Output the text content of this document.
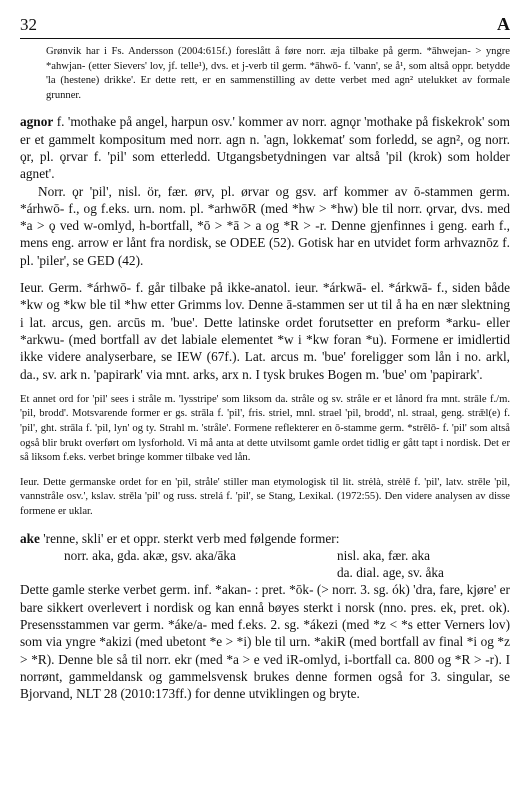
32	A

Grønvik har i Fs. Andersson (2004:615f.) foreslått å føre norr. æja tilbake på germ. *āhwejan- > yngre *ahwjan- (etter Sievers' lov, jf. telle¹), dvs. et j-verb til germ. *āhwō- f. 'vann', se å¹, som altså oppr. betydde 'la (hestene) drikke'. Er dette rett, er en sammenstilling av dette verbet med agn² utelukket av formale grunner.

agnor f. 'mothake på angel, harpun osv.' kommer av norr. agnǫr 'mothake på fiskekrok' som er et gammelt kompositum med norr. agn n. 'agn, lokkemat' som forledd, se agn², og norr. ǫr, pl. ǫrvar f. 'pil' som etterledd. Utgangsbetydningen var altså 'pil (krok) som holder agnet'.

Norr. ǫr 'pil', nisl. ör, fær. ørv, pl. ørvar og gsv. arf kommer av ō-stammen germ. *árhwō- f., og f.eks. urn. nom. pl. *arhwōR (med *hw > *hw) ble til norr. ǫrvar, dvs. med *a > ǫ ved w-omlyd, h-bortfall, *ō > *ā > a og *R > -r. Denne gjenfinnes i geng. earh f., mens eng. arrow er lånt fra nordisk, se ODEE (52). Gotisk har en utvidet form arhvaznōz f. pl. 'piler', se GED (42).

Ieur. Germ. *árhwō- f. går tilbake på ikke-anatol. ieur. *árkwā- el. *árkwā- f., siden både *kw og *kw ble til *hw etter Grimms lov. Denne ā-stammen ser ut til å ha en nær slektning i lat. arcus, gen. arcūs m. 'bue'. Dette latinske ordet forutsetter en preform *arku- eller *arkwu- (med bortfall av det labiale elementet *w i *kw foran *u). Formene er imidlertid ikke videre analyserbare, se IEW (67f.). Lat. arcus m. 'bue' foreligger som lån i no. arkl, da., sv. ark n. 'papirark' via mnt. arks, arx n. I tysk brukes Bogen m. 'bue' om 'papirark'.

Et annet ord for 'pil' sees i stråle m. 'lysstripe' som liksom da. stråle og sv. stråle er et lånord fra mnt. strāle f./m. 'pil, brodd'. Motsvarende former er gs. strāla f. 'pil', fris. striel, mnl. strael 'pil, brodd', nl. straal, geng. strǣl(e) f. 'pil', ght. strāla f. 'pil, lyn' og ty. Strahl m. 'stråle'. Formene reflekterer en ō-stamme germ. *strēlō- f. 'pil' som altså også blir brukt overført om lysforhold. Vi må anta at dette utvilsomt gamle ordet tidlig er gått tapt i nordisk. Det er så liksom f.eks. verbet bringe kommer tilbake ved lån.

Ieur. Dette germanske ordet for en 'pil, stråle' stiller man etymologisk til lit. strėlà, strėlē f. 'pil', latv. strēle 'pil, vannstråle osv.', kslav. strěla 'pil' og russ. strelá f. 'pil', se Stang, Lexikal. (1972:55). Den videre analysen av disse formene er uklar.

ake 'renne, skli' er et oppr. sterkt verb med følgende former:

norr. aka, gda. akæ, gsv. aka/āka	nisl. aka, fær. aka
da. dial. age, sv. åka

Dette gamle sterke verbet germ. inf. *akan- : pret. *ōk- (> norr. 3. sg. ók) 'dra, fare, kjøre' er bare sikkert overlevert i nordisk og kan ennå bøyes sterkt i norsk (nno. pres. ek, pret. ok). Presensstammen var germ. *áke/a- med f.eks. 2. sg. *ákezi (med *z < *s etter Verners lov) som via yngre *akizi (med ubetont *e > *i) ble til urn. *akiR (med bortfall av final *i og *z > *R). Denne ble så til norr. ekr (med *a > e ved iR-omlyd, i-bortfall ca. 800 og *R > -r). I norrønt, gammeldansk og gammelsvensk brukes denne formen også for 3. singular, se Bjorvand, NLT 28 (2010:173ff.) for denne utviklingen og bryte.
